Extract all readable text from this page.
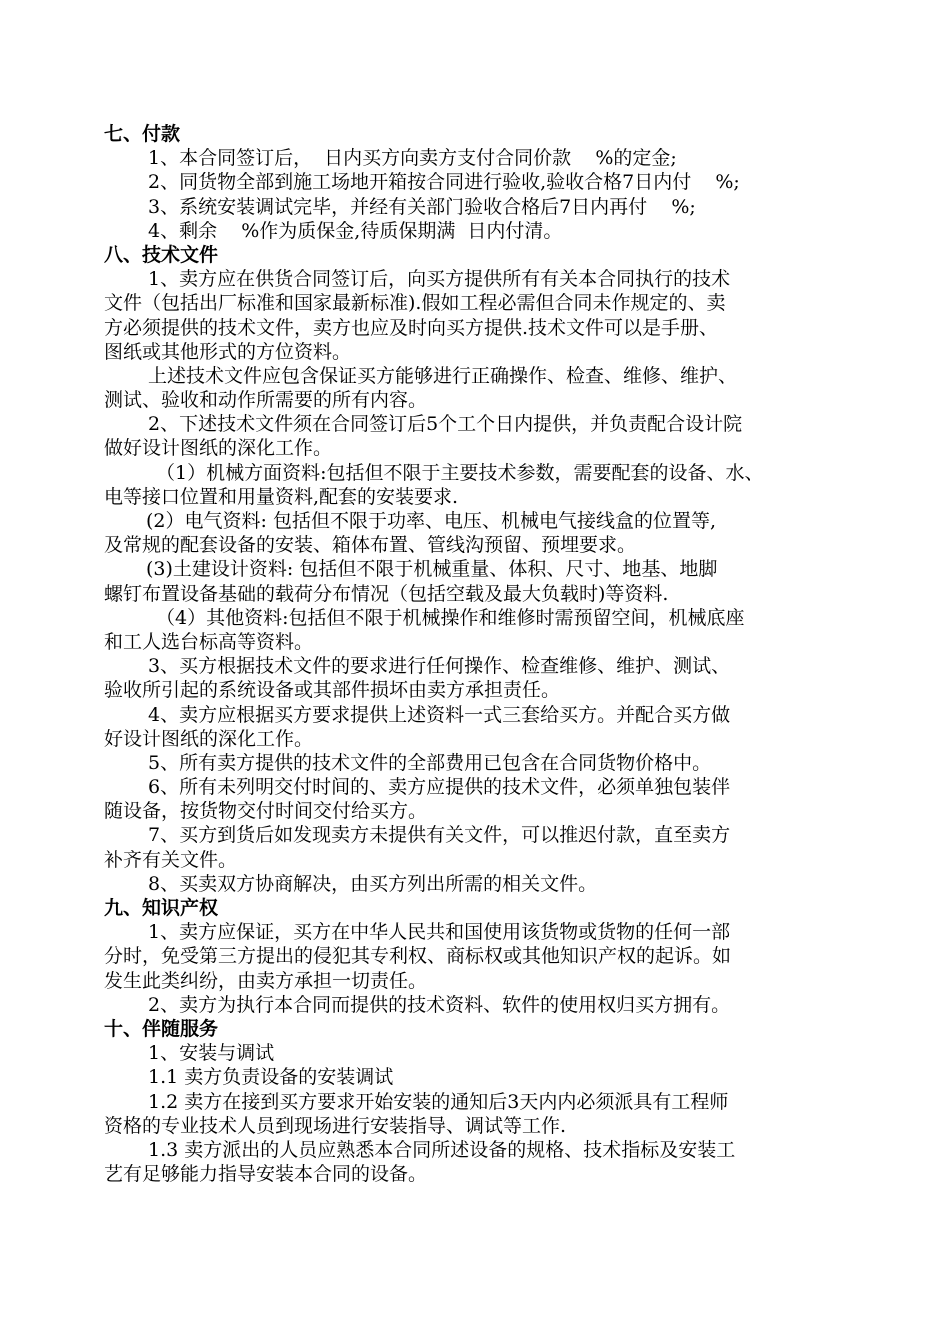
七、付款
1、本合同签订后，  日内买方向卖方支付合同价款    %的定金;
2、同货物全部到施工场地开箱按合同进行验收,验收合格7日内付    %;
3、系统安装调试完毕，并经有关部门验收合格后7日内再付    %;
4、剩余    %作为质保金,待质保期满  日内付清。
八、技术文件
1、卖方应在供货合同签订后，向买方提供所有有关本合同执行的技术
文件（包括出厂标准和国家最新标准).假如工程必需但合同未作规定的、卖
方必须提供的技术文件，卖方也应及时向买方提供.技术文件可以是手册、
图纸或其他形式的方位资料。
上述技术文件应包含保证买方能够进行正确操作、检查、维修、维护、
测试、验收和动作所需要的所有内容。
2、下述技术文件须在合同签订后5个工个日内提供，并负责配合设计院
做好设计图纸的深化工作。
（1）机械方面资料:包括但不限于主要技术参数，需要配套的设备、水、
电等接口位置和用量资料,配套的安装要求.
(2）电气资料: 包括但不限于功率、电压、机械电气接线盒的位置等,
及常规的配套设备的安装、箱体布置、管线沟预留、预埋要求。
(3)土建设计资料: 包括但不限于机械重量、体积、尺寸、地基、地脚
螺钉布置设备基础的载荷分布情况（包括空载及最大负载时)等资料.
（4）其他资料:包括但不限于机械操作和维修时需预留空间，机械底座
和工人选台标高等资料。
3、买方根据技术文件的要求进行任何操作、检查维修、维护、测试、
验收所引起的系统设备或其部件损坏由卖方承担责任。
4、卖方应根据买方要求提供上述资料一式三套给买方。并配合买方做
好设计图纸的深化工作。
5、所有卖方提供的技术文件的全部费用已包含在合同货物价格中。
6、所有未列明交付时间的、卖方应提供的技术文件，必须单独包装伴
随设备，按货物交付时间交付给买方。
7、买方到货后如发现卖方未提供有关文件，可以推迟付款，直至卖方
补齐有关文件。
8、买卖双方协商解决，由买方列出所需的相关文件。
九、知识产权
1、卖方应保证，买方在中华人民共和国使用该货物或货物的任何一部
分时，免受第三方提出的侵犯其专利权、商标权或其他知识产权的起诉。如
发生此类纠纷，由卖方承担一切责任。
2、卖方为执行本合同而提供的技术资料、软件的使用权归买方拥有。
十、伴随服务
1、安装与调试
1.1 卖方负责设备的安装调试
1.2 卖方在接到买方要求开始安装的通知后3天内内必须派具有工程师
资格的专业技术人员到现场进行安装指导、调试等工作.
1.3 卖方派出的人员应熟悉本合同所述设备的规格、技术指标及安装工
艺有足够能力指导安装本合同的设备。
